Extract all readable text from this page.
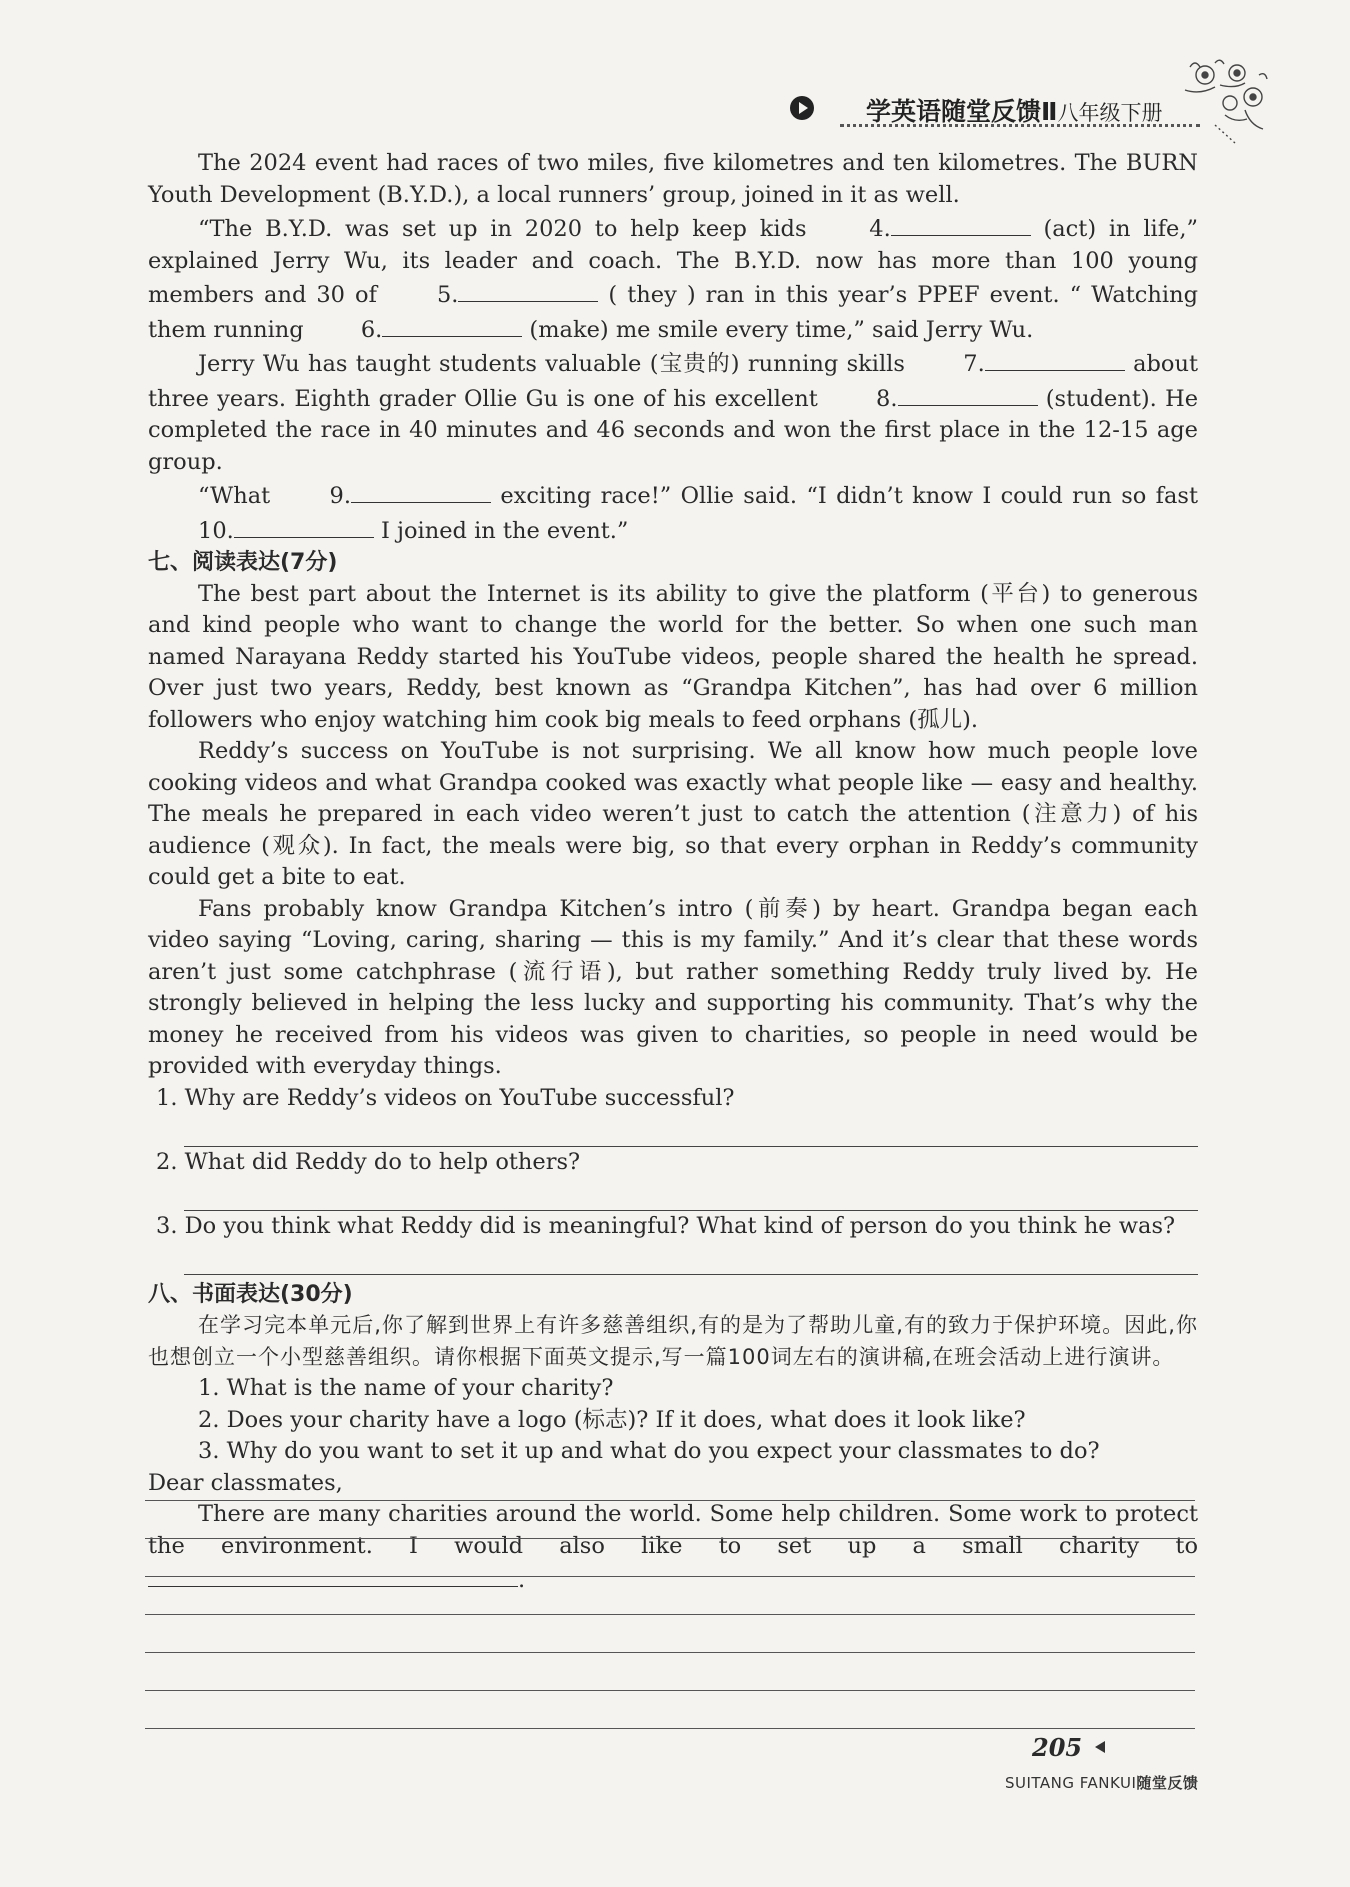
学英语随堂反馈Ⅱ八年级下册

The 2024 event had races of two miles, five kilometres and ten kilometres. The BURN Youth Development (B.Y.D.), a local runners’ group, joined in it as well.

“The B.Y.D. was set up in 2020 to help keep kids 4.	(act) in life,” explained Jerry Wu, its leader and coach. The B.Y.D. now has more than 100 young members and 30 of 5.	( they ) ran in this year’s PPEF event. “ Watching them running 6.	(make) me smile every time,” said Jerry Wu.

Jerry Wu has taught students valuable (宝贵的) running skills 7.	about three years. Eighth grader Ollie Gu is one of his excellent 8.	(student). He completed the race in 40 minutes and 46 seconds and won the first place in the 12-15 age group.

“What 9.	exciting race!” Ollie said. “I didn’t know I could run so fast 10.	I joined in the event.”

七、阅读表达(7分)

The best part about the Internet is its ability to give the platform (平台) to generous and kind people who want to change the world for the better. So when one such man named Narayana Reddy started his YouTube videos, people shared the health he spread. Over just two years, Reddy, best known as “Grandpa Kitchen”, has had over 6 million followers who enjoy watching him cook big meals to feed orphans (孤儿).

Reddy’s success on YouTube is not surprising. We all know how much people love cooking videos and what Grandpa cooked was exactly what people like — easy and healthy. The meals he prepared in each video weren’t just to catch the attention (注意力) of his audience (观众). In fact, the meals were big, so that every orphan in Reddy’s community could get a bite to eat.

Fans probably know Grandpa Kitchen’s intro (前奏) by heart. Grandpa began each video saying “Loving, caring, sharing — this is my family.” And it’s clear that these words aren’t just some catchphrase (流行语), but rather something Reddy truly lived by. He strongly believed in helping the less lucky and supporting his community. That’s why the money he received from his videos was given to charities, so people in need would be provided with everyday things.

1. Why are Reddy’s videos on YouTube successful?

2. What did Reddy do to help others?

3. Do you think what Reddy did is meaningful? What kind of person do you think he was?

八、书面表达(30分)

在学习完本单元后,你了解到世界上有许多慈善组织,有的是为了帮助儿童,有的致力于保护环境。因此,你也想创立一个小型慈善组织。请你根据下面英文提示,写一篇100词左右的演讲稿,在班会活动上进行演讲。

1. What is the name of your charity?

2. Does your charity have a logo (标志)? If it does, what does it look like?

3. Why do you want to set it up and what do you expect your classmates to do?

Dear classmates,

There are many charities around the world. Some help children. Some work to protect the environment. I would also like to set up a small charity to .

205
SUITANG FANKUI随堂反馈
